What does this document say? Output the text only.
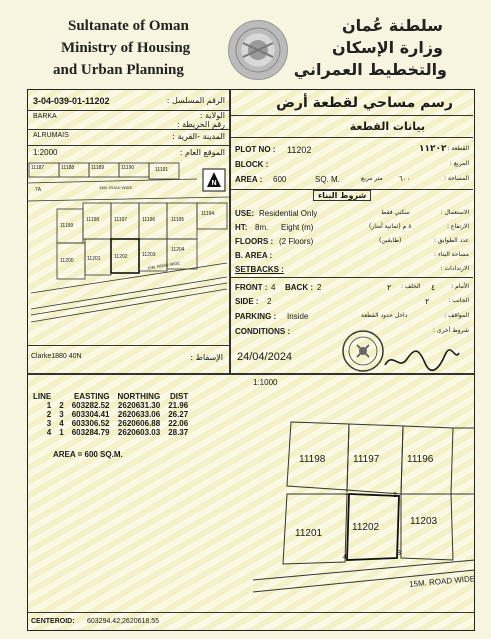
Sultanate of Oman
Ministry of Housing
and Urban Planning
سلطنة عُمان
وزارة الإسكان
والتخطيط العمراني
3-04-039-01-11202	الرقم المسلسل :
BARKA	الولاية :
رقم الخريطة :
ALRUMAIS	المدينة -القرية :
1:2000	الموقع العام :
N
11187	11188	11189	11190	11191
15M. ROAD WIDE
7A
11198	11197	11196	11195
11194
11199
11200	11201	11202	11203
11204
15M. ROAD WIDE
Clarke1880 40N	الإسقاط :
رسم مساحي لقطعة أرض
بيانات القطعة
PLOT NO : 11202	١١٢٠٢ القطعة :
BLOCK :	المربع :
AREA : 600	SQ. M.	٦٠٠
متر مربع	المساحة :
شروط البناء
USE: Residential Only	سكني فقط	الاستعمال :
HT: 8m. Eight (m)	٨ م (ثمانية أمتار)	الارتفاع :
FLOORS : (2 Floors)	(طابقين)	عدد الطوابق :
B. AREA :	مساحة البناء :
SETBACKS :	الارتدادات :
FRONT : 4 BACK : 2	٢ الخلف : ٤	الأمام :
SIDE : 2	٢	الجانب :
PARKING : Inside	داخل حدود القطعة	المواقف :
CONDITIONS :	شروط أخرى :
24/04/2024
1:1000
LINE		EASTING	NORTHING	DIST
1	2	603282.52	2620631.30	21.96
2	3	603304.41	2620633.06	26.27
3	4	603306.52	2620606.88	22.06
4	1	603284.79	2620603.03	28.37
AREA = 600 SQ.M.	11198	11197	11196
11201
11202
11203
1	2
3
4
15M. ROAD WIDE
CENTEROID: 603294.42,2620618.55
